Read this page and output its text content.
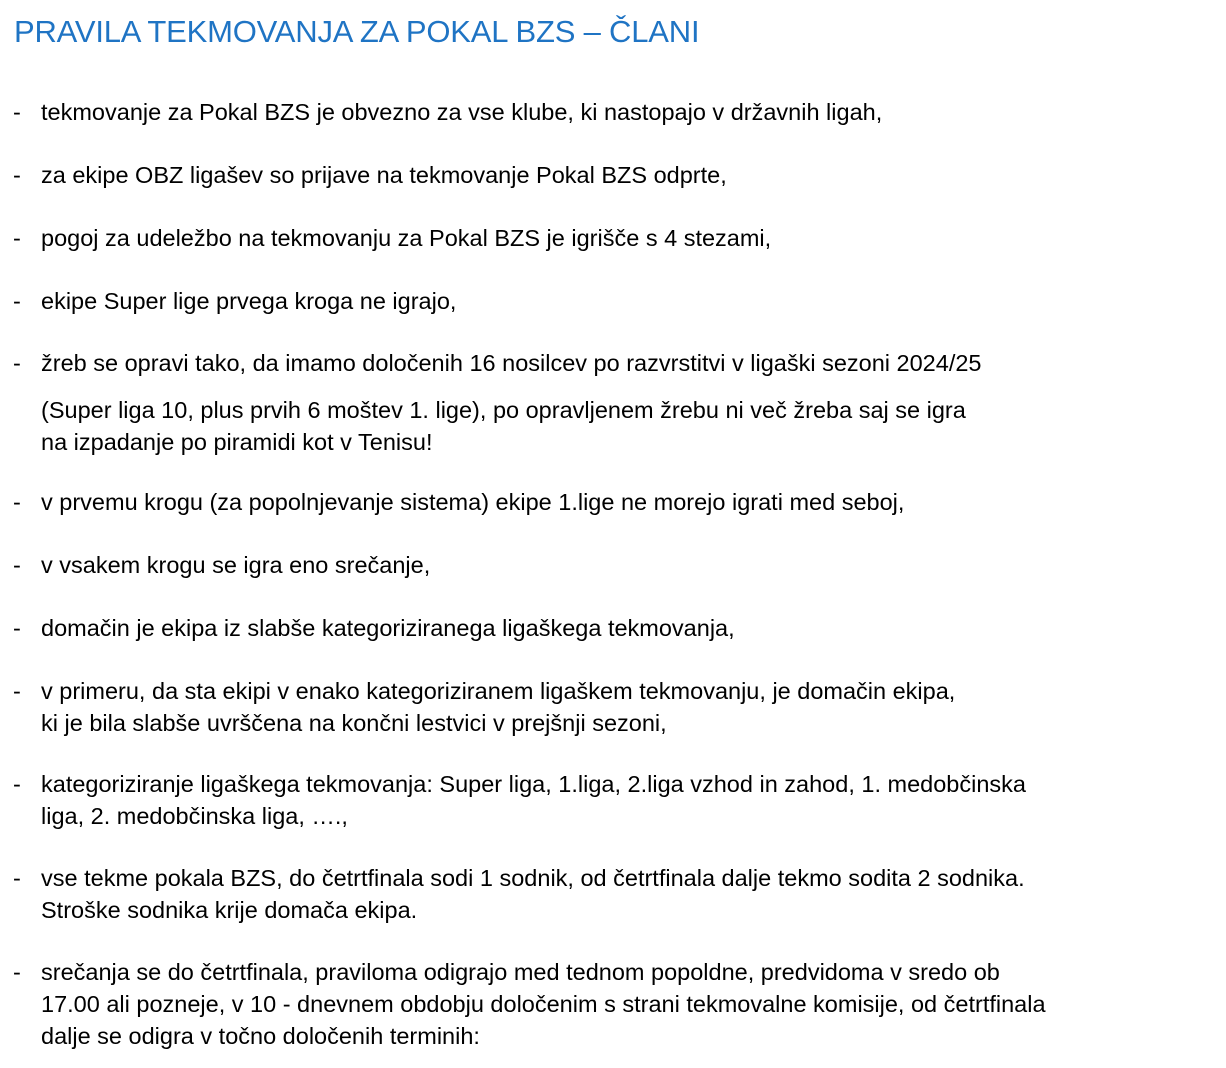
PRAVILA TEKMOVANJA ZA POKAL BZS – ČLANI
- tekmovanje za Pokal BZS je obvezno za vse klube, ki nastopajo v državnih ligah,
- za ekipe OBZ ligašev so prijave na tekmovanje Pokal BZS odprte,
- pogoj za udeležbo na tekmovanju za Pokal BZS je igrišče s 4 stezami,
- ekipe Super lige prvega kroga ne igrajo,
- žreb se opravi tako, da imamo določenih 16 nosilcev po razvrstitvi v ligaški sezoni 2024/25
(Super liga 10, plus prvih 6 moštev 1. lige), po opravljenem žrebu ni več žreba saj se igra
na izpadanje po piramidi kot v Tenisu!
- v prvemu krogu (za popolnjevanje sistema) ekipe 1.lige ne morejo igrati med seboj,
- v vsakem krogu se igra eno srečanje,
- domačin je ekipa iz slabše kategoriziranega ligaškega tekmovanja,
- v primeru, da sta ekipi v enako kategoriziranem ligaškem tekmovanju, je domačin ekipa,
ki je bila slabše uvrščena na končni lestvici v prejšnji sezoni,
- kategoriziranje ligaškega tekmovanja: Super liga, 1.liga, 2.liga vzhod in zahod, 1. medobčinska
liga, 2. medobčinska liga, ….,
- vse tekme pokala BZS, do četrtfinala sodi 1 sodnik, od četrtfinala dalje tekmo sodita 2 sodnika.
Stroške sodnika krije domača ekipa.
- srečanja se do četrtfinala, praviloma odigrajo med tednom popoldne, predvidoma v sredo ob
17.00 ali pozneje, v 10 - dnevnem obdobju določenim s strani tekmovalne komisije, od četrtfinala
dalje se odigra v točno določenih terminih:
